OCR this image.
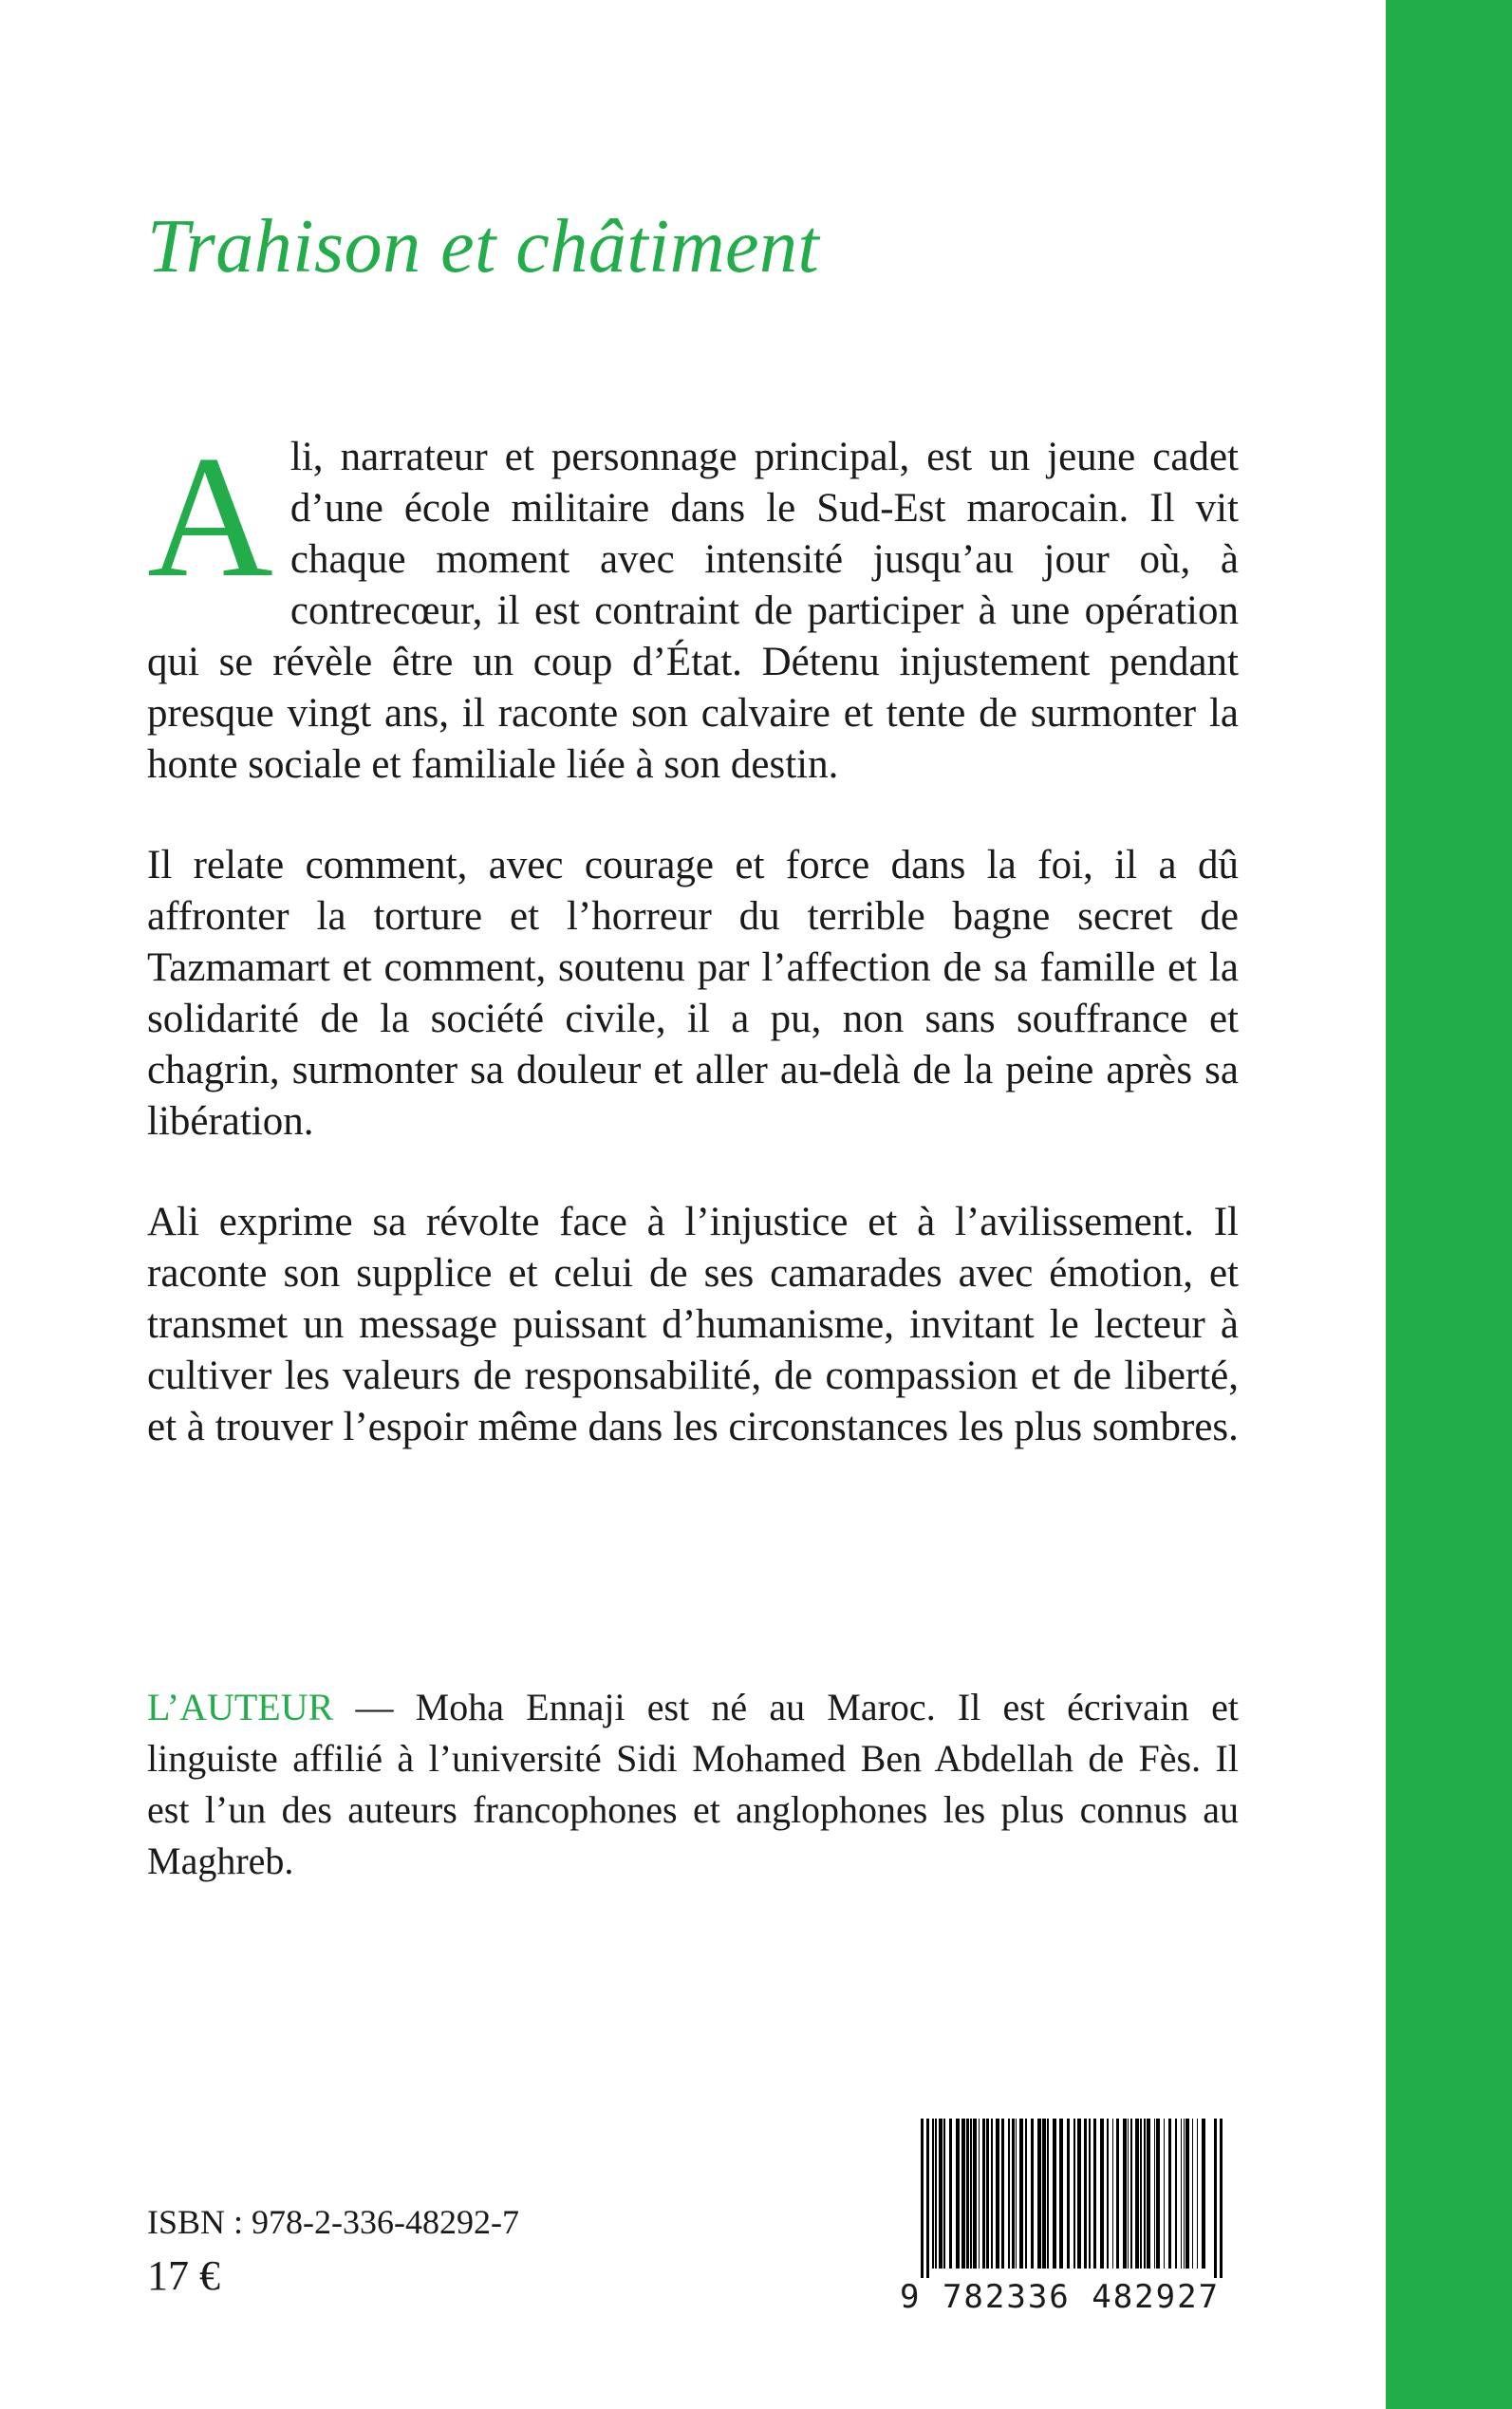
Trahison et châtiment

Ali, narrateur et personnage principal, est un jeune cadet d’une école militaire dans le Sud-Est marocain. Il vit chaque moment avec intensité jusqu’au jour où, à contrecœur, il est contraint de participer à une opération qui se révèle être un coup d’État. Détenu injustement pendant presque vingt ans, il raconte son calvaire et tente de surmonter la honte sociale et familiale liée à son destin.

Il relate comment, avec courage et force dans la foi, il a dû affronter la torture et l’horreur du terrible bagne secret de Tazmamart et comment, soutenu par l’affection de sa famille et la solidarité de la société civile, il a pu, non sans souffrance et chagrin, surmonter sa douleur et aller au-delà de la peine après sa libération.

Ali exprime sa révolte face à l’injustice et à l’avilissement. Il raconte son supplice et celui de ses camarades avec émotion, et transmet un message puissant d’humanisme, invitant le lecteur à cultiver les valeurs de responsabilité, de compassion et de liberté, et à trouver l’espoir même dans les circonstances les plus sombres.

L’AUTEUR — Moha Ennaji est né au Maroc. Il est écrivain et linguiste affilié à l’université Sidi Mohamed Ben Abdellah de Fès. Il est l’un des auteurs francophones et anglophones les plus connus au Maghreb.
ISBN : 978-2-336-48292-7
17 €	9 782336 482927
